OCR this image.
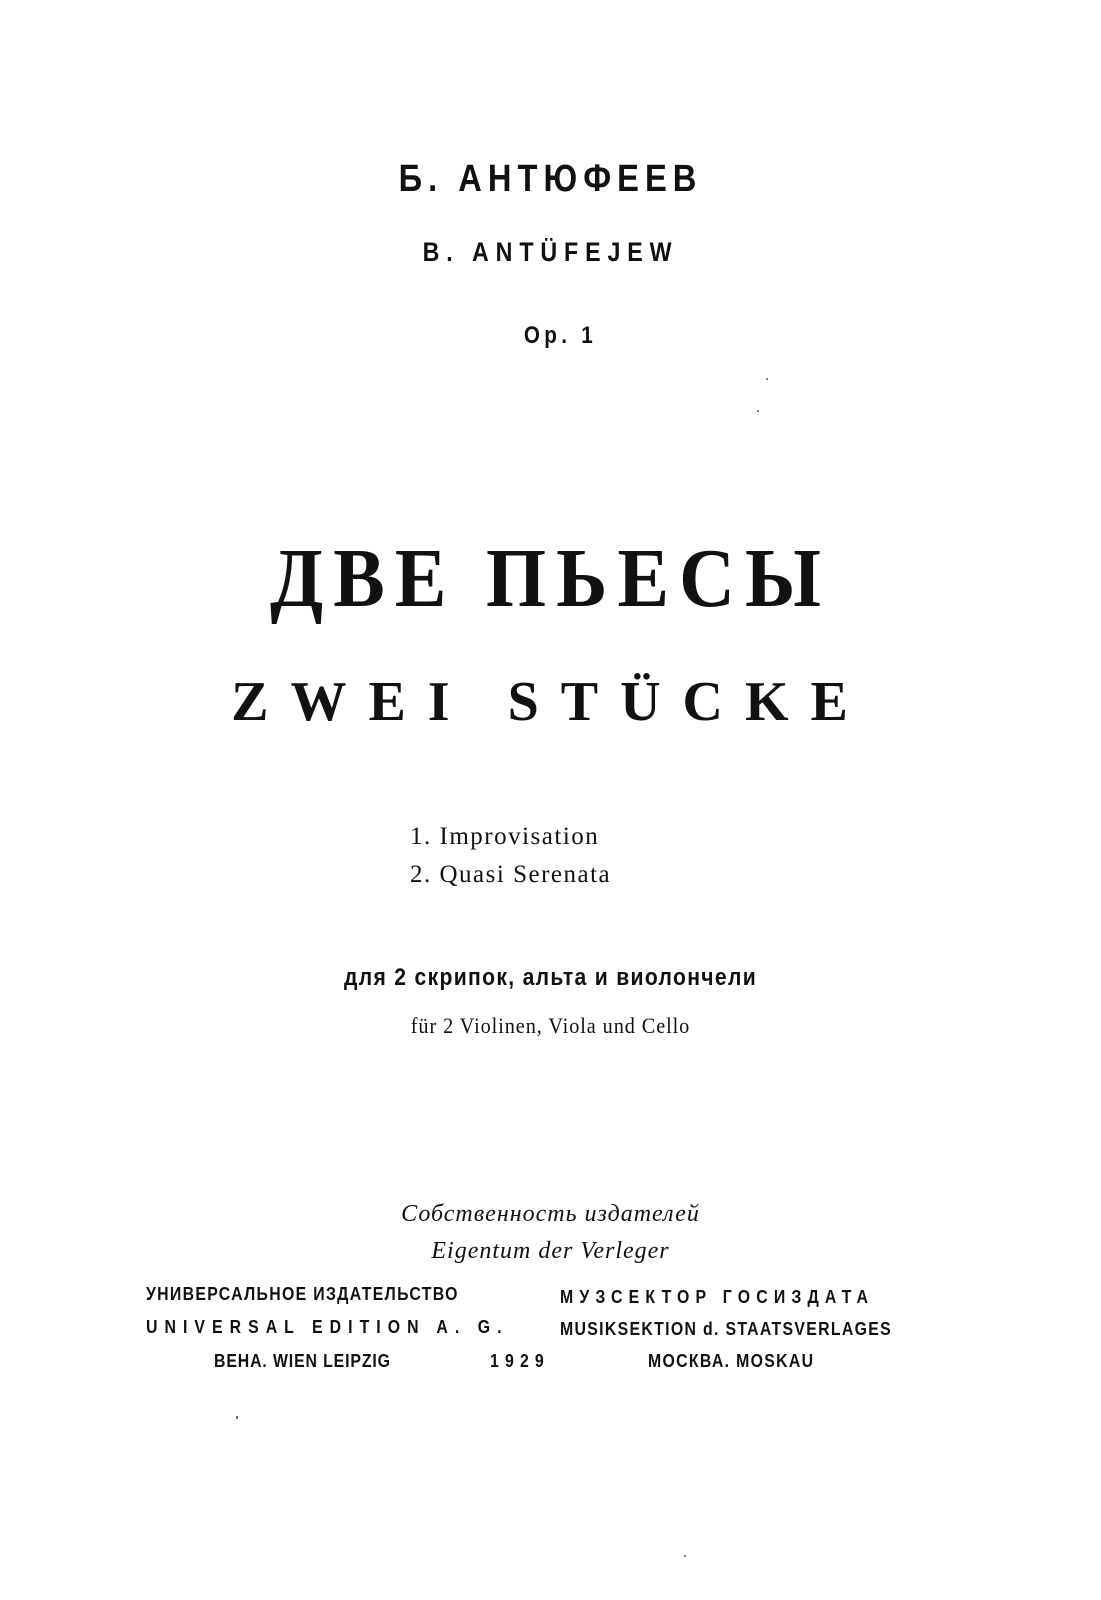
Б. АНТЮФЕЕВ
B. ANTÜFEJEW
Op. 1
ДВЕ ПЬЕСЫ
ZWEI STÜCKE
1. Improvisation
2. Quasi Serenata
для 2 скрипок, альта и виолончели
für 2 Violinen, Viola und Cello
Собственность издателей
Eigentum der Verleger
УНИВЕРСАЛЬНОЕ ИЗДАТЕЛЬСТВО
UNIVERSAL EDITION A. G.
ВЕНА. WIEN LEIPZIG	1929
МУЗСЕКТОР ГОСИЗДАТА
MUSIKSEKTION d. STAATSVERLAGES
МОСКВА. MOSKAU
